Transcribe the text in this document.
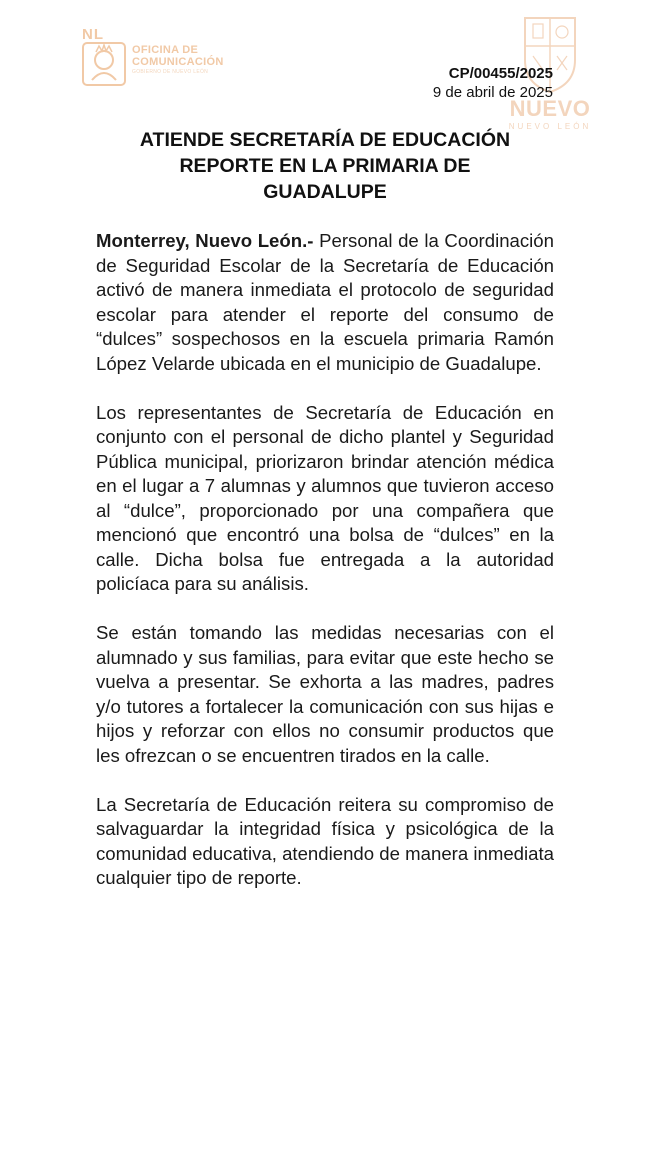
NL
OFICINA DE
COMUNICACIÓN
GOBIERNO DE NUEVO LEÓN
NUEVO
NUEVO LEÓN
CP/00455/2025
9 de abril de 2025
ATIENDE SECRETARÍA DE EDUCACIÓN
REPORTE EN LA PRIMARIA DE
GUADALUPE

Monterrey, Nuevo León.- Personal de la Coordinación de Seguridad Escolar de la Secretaría de Educación activó de manera inmediata el protocolo de seguridad escolar para atender el reporte del consumo de “dulces” sospechosos en la escuela primaria Ramón López Velarde ubicada en el municipio de Guadalupe.

Los representantes de Secretaría de Educación en conjunto con el personal de dicho plantel y Seguridad Pública municipal, priorizaron brindar atención médica en el lugar a 7 alumnas y alumnos que tuvieron acceso al “dulce”, proporcionado por una compañera que mencionó que encontró una bolsa de “dulces” en la calle. Dicha bolsa fue entregada a la autoridad policíaca para su análisis.

Se están tomando las medidas necesarias con el alumnado y sus familias, para evitar que este hecho se vuelva a presentar. Se exhorta a las madres, padres y/o tutores a fortalecer la comunicación con sus hijas e hijos y reforzar con ellos no consumir productos que les ofrezcan o se encuentren tirados en la calle.

La Secretaría de Educación reitera su compromiso de salvaguardar la integridad física y psicológica de la comunidad educativa, atendiendo de manera inmediata cualquier tipo de reporte.
